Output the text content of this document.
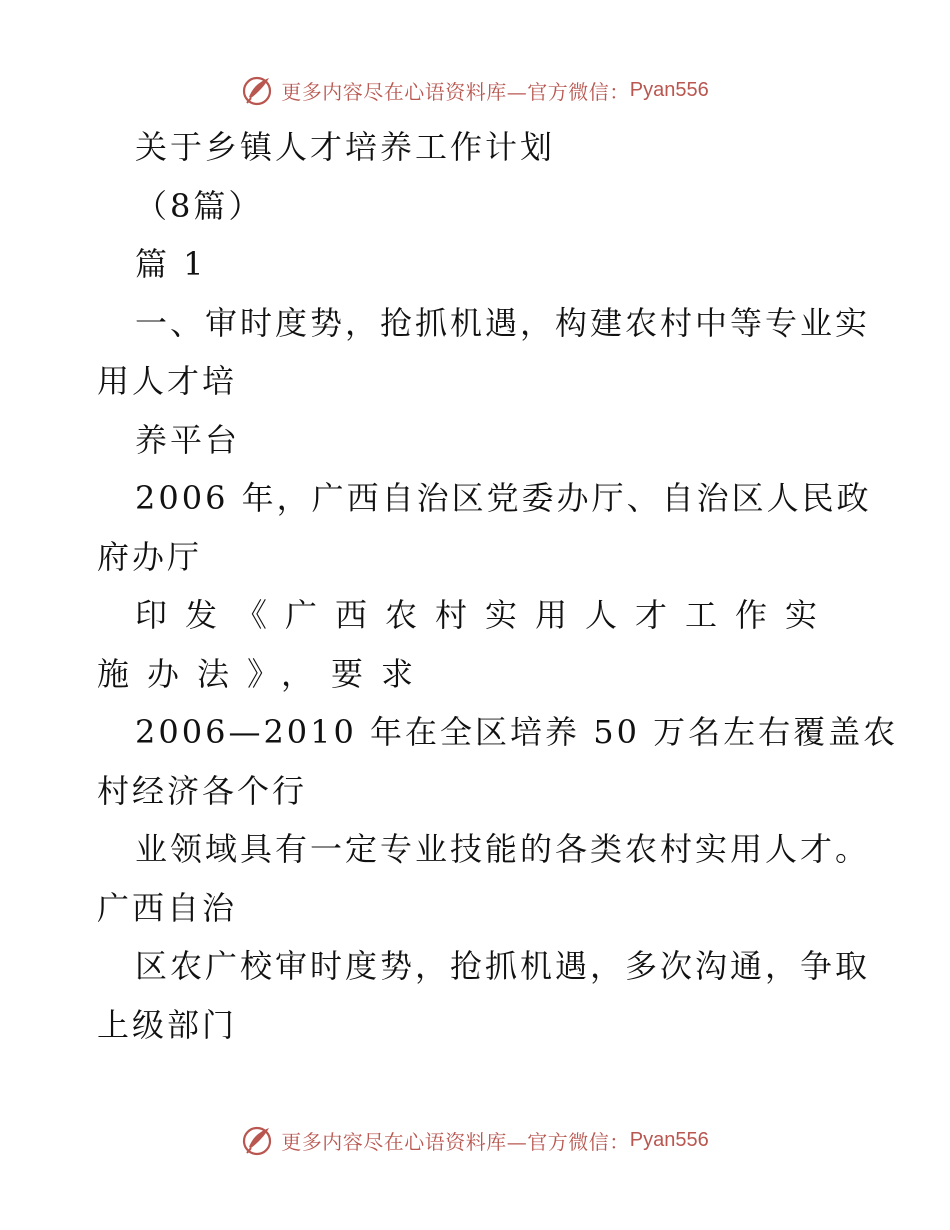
更多内容尽在心语资料库—官方微信： Pyan556
关于乡镇人才培养工作计划
（8篇）
篇 1
一、审时度势，抢抓机遇，构建农村中等专业实
用人才培
养平台
2006 年，广西自治区党委办厅、自治区人民政
府办厅
印发《广西农村实用人才工作实
施办法》，要求
2006—2010 年在全区培养 50 万名左右覆盖农
村经济各个行
业领域具有一定专业技能的各类农村实用人才。
广西自治
区农广校审时度势，抢抓机遇，多次沟通，争取
上级部门
更多内容尽在心语资料库—官方微信： Pyan556
